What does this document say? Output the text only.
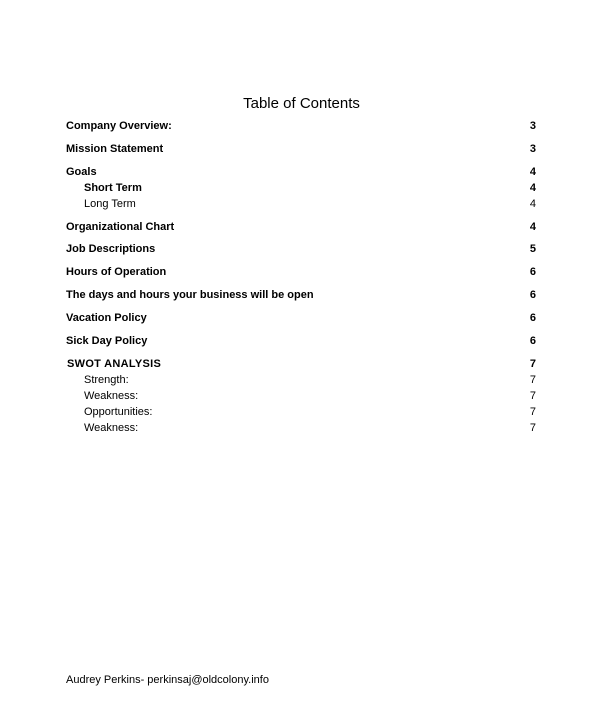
Table of Contents
Company Overview:	3
Mission Statement	3
Goals	4
Short Term	4
Long Term	4
Organizational Chart	4
Job Descriptions	5
Hours of Operation	6
The days and hours your business will be open	6
Vacation Policy	6
Sick Day Policy	6
SWOT ANALYSIS	7
Strength:	7
Weakness:	7
Opportunities:	7
Weakness:	7
Audrey Perkins- perkinsaj@oldcolony.info
